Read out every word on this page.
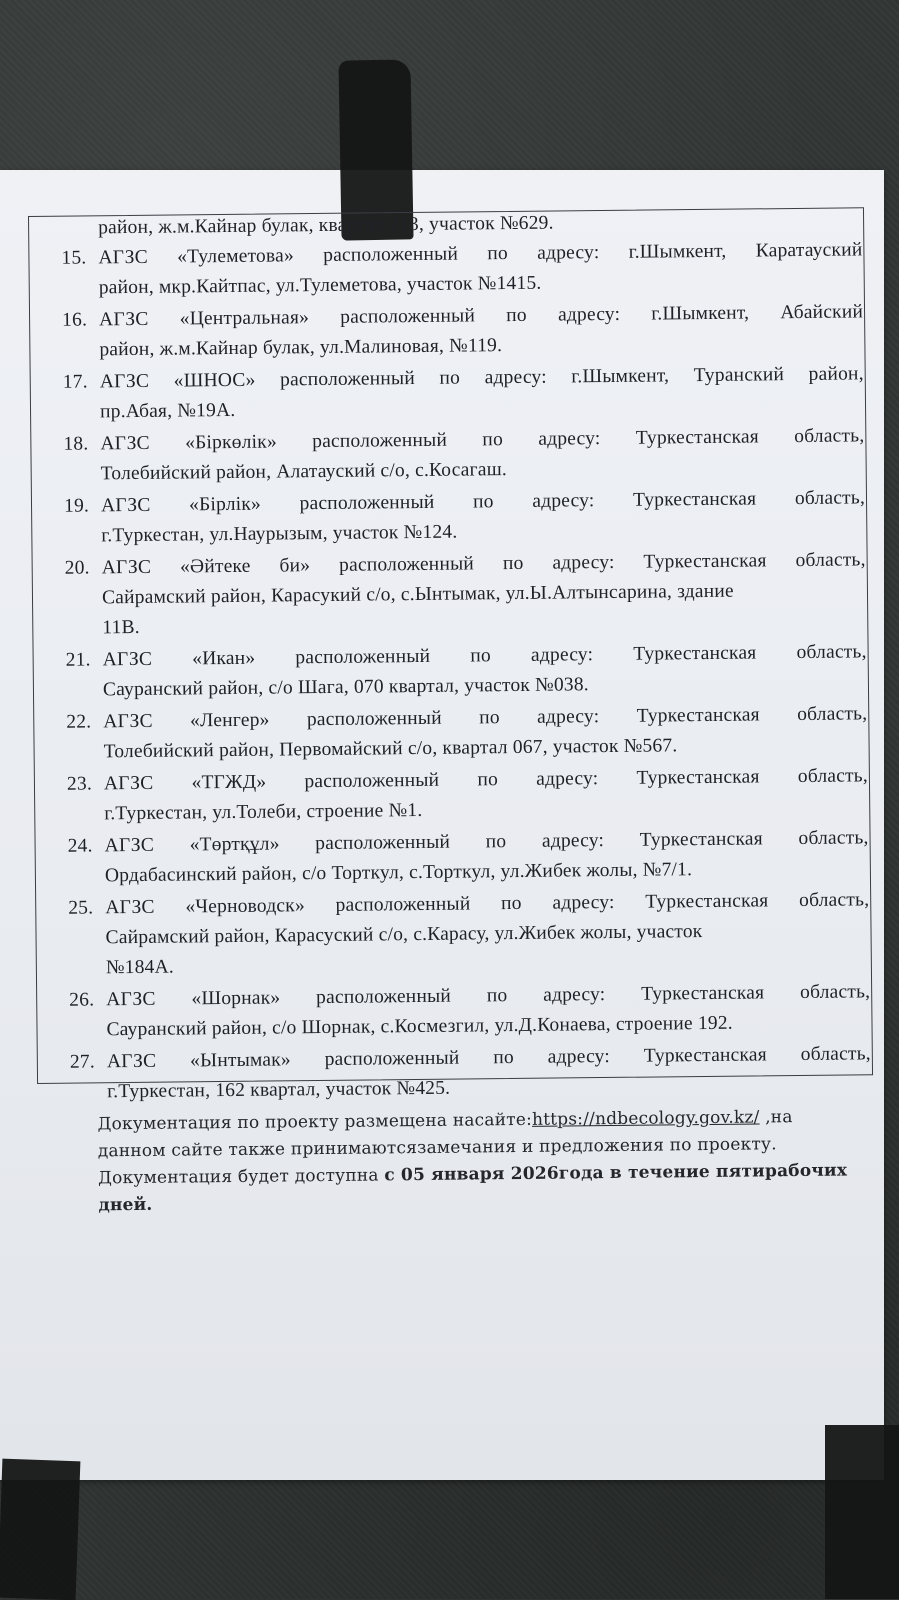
район, ж.м.Кайнар булак, квартал 213, участок №629.
15. АГЗС «Тулеметова» расположенный по адресу: г.Шымкент, Каратауский
район, мкр.Кайтпас, ул.Тулеметова, участок №1415.
16. АГЗС «Центральная» расположенный по адресу: г.Шымкент, Абайский
район, ж.м.Кайнар булак, ул.Малиновая, №119.
17. АГЗС «ШНОС» расположенный по адресу: г.Шымкент, Туранский район,
пр.Абая, №19А.
18. АГЗС «Біркөлік» расположенный по адресу: Туркестанская область,
Толебийский район, Алатауский с/о, с.Косагаш.
19. АГЗС «Бірлік» расположенный по адресу: Туркестанская область,
г.Туркестан, ул.Наурызым, участок №124.
20. АГЗС «Әйтеке би» расположенный по адресу: Туркестанская область,
Сайрамский район, Карасукий с/о, с.Ынтымак, ул.Ы.Алтынсарина, здание
11В.
21. АГЗС «Икан» расположенный по адресу: Туркестанская область,
Сауранский район, с/о Шага, 070 квартал, участок №038.
22. АГЗС «Ленгер» расположенный по адресу: Туркестанская область,
Толебийский район, Первомайский с/о, квартал 067, участок №567.
23. АГЗС «ТГЖД» расположенный по адресу: Туркестанская область,
г.Туркестан, ул.Толеби, строение №1.
24. АГЗС «Төртқұл» расположенный по адресу: Туркестанская область,
Ордабасинский район, с/о Торткул, с.Торткул, ул.Жибек жолы, №7/1.
25. АГЗС «Черноводск» расположенный по адресу: Туркестанская область,
Сайрамский район, Карасуский с/о, с.Карасу, ул.Жибек жолы, участок
№184А.
26. АГЗС «Шорнак» расположенный по адресу: Туркестанская область,
Сауранский район, с/о Шорнак, с.Космезгил, ул.Д.Конаева, строение 192.
27. АГЗС «Ынтымак» расположенный по адресу: Туркестанская область,
г.Туркестан, 162 квартал, участок №425.
Документация по проекту размещена насайте:https://ndbecology.gov.kz/ ,на
данном сайте также принимаютсязамечания и предложения по проекту.
Документация будет доступна с 05 января 2026года в течение пятирабочих
дней.
